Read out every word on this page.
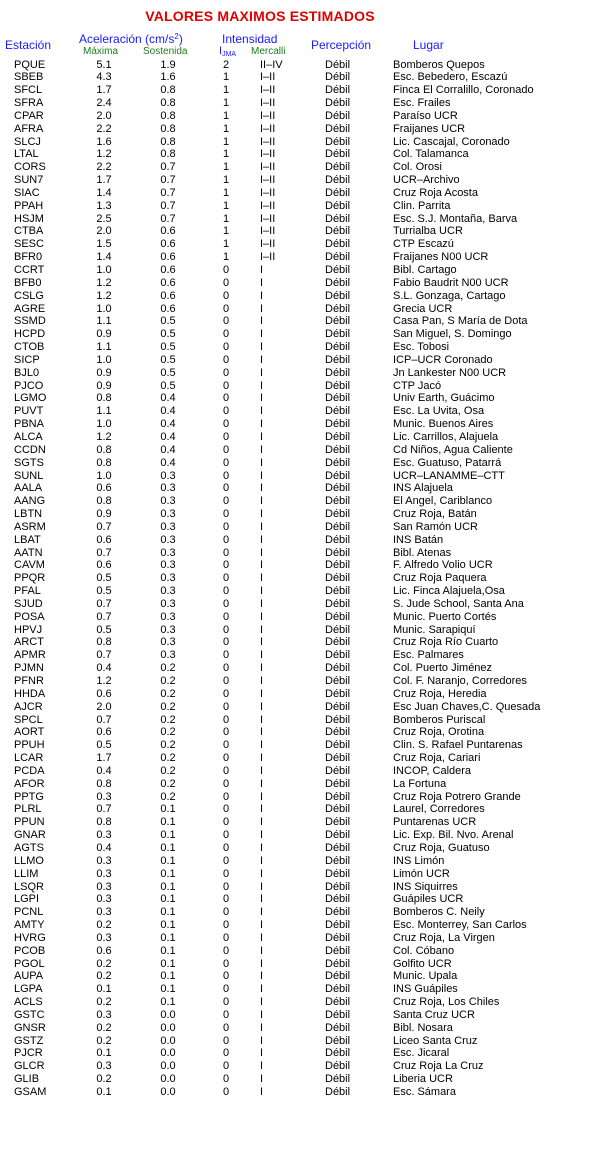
VALORES MAXIMOS ESTIMADOS
Estación Aceleración $(cm/s^2)$
Máxima Sostenida
Intensidad
$I_{JMA}$ Mercalli Percepción	Lugar
PQUE	5.1	1.9	2	II–IV	Débil	Bomberos Quepos
SBEB	4.3	1.6	1	I–II	Débil	Esc. Bebedero, Escazú
SFCL	1.7	0.8	1	I–II	Débil	Finca El Corralillo, Coronado
SFRA	2.4	0.8	1	I–II	Débil	Esc. Frailes
CPAR	2.0	0.8	1	I–II	Débil	Paraíso UCR
AFRA	2.2	0.8	1	I–II	Débil	Fraijanes UCR
SLCJ	1.6	0.8	1	I–II	Débil	Lic. Cascajal, Coronado
LTAL	1.2	0.8	1	I–II	Débil	Col. Talamanca
CORS	2.2	0.7	1	I–II	Débil	Col. Orosi
SUN7	1.7	0.7	1	I–II	Débil	UCR–Archivo
SIAC	1.4	0.7	1	I–II	Débil	Cruz Roja Acosta
PPAH	1.3	0.7	1	I–II	Débil	Clin. Parrita
HSJM	2.5	0.7	1	I–II	Débil	Esc. S.J. Montaña, Barva
CTBA	2.0	0.6	1	I–II	Débil	Turrialba UCR
SESC	1.5	0.6	1	I–II	Débil	CTP Escazú
BFR0	1.4	0.6	1	I–II	Débil	Fraijanes N00 UCR
CCRT	1.0	0.6	0	I	Débil	Bibl. Cartago
BFB0	1.2	0.6	0	I	Débil	Fabio Baudrit N00 UCR
CSLG	1.2	0.6	0	I	Débil	S.L. Gonzaga, Cartago
AGRE	1.0	0.6	0	I	Débil	Grecia UCR
SSMD	1.1	0.5	0	I	Débil	Casa Pan, S María de Dota
HCPD	0.9	0.5	0	I	Débil	San Miguel, S. Domingo
CTOB	1.1	0.5	0	I	Débil	Esc. Tobosi
SICP	1.0	0.5	0	I	Débil	ICP–UCR Coronado
BJL0	0.9	0.5	0	I	Débil	Jn Lankester N00 UCR
PJCO	0.9	0.5	0	I	Débil	CTP Jacó
LGMO	0.8	0.4	0	I	Débil	Univ Earth, Guácimo
PUVT	1.1	0.4	0	I	Débil	Esc. La Uvita, Osa
PBNA	1.0	0.4	0	I	Débil	Munic. Buenos Aires
ALCA	1.2	0.4	0	I	Débil	Lic. Carrillos, Alajuela
CCDN	0.8	0.4	0	I	Débil	Cd Niños, Agua Caliente
SGTS	0.8	0.4	0	I	Débil	Esc. Guatuso, Patarrá
SUNL	1.0	0.3	0	I	Débil	UCR–LANAMME–CTT
AALA	0.6	0.3	0	I	Débil	INS Alajuela
AANG	0.8	0.3	0	I	Débil	El Angel, Cariblanco
LBTN	0.9	0.3	0	I	Débil	Cruz Roja, Batán
ASRM	0.7	0.3	0	I	Débil	San Ramón UCR
LBAT	0.6	0.3	0	I	Débil	INS Batán
AATN	0.7	0.3	0	I	Débil	Bibl. Atenas
CAVM	0.6	0.3	0	I	Débil	F. Alfredo Volio UCR
PPQR	0.5	0.3	0	I	Débil	Cruz Roja Paquera
PFAL	0.5	0.3	0	I	Débil	Lic. Finca Alajuela,Osa
SJUD	0.7	0.3	0	I	Débil	S. Jude School, Santa Ana
POSA	0.7	0.3	0	I	Débil	Munic. Puerto Cortés
HPVJ	0.5	0.3	0	I	Débil	Munic. Sarapiquí
ARCT	0.8	0.3	0	I	Débil	Cruz Roja Río Cuarto
APMR	0.7	0.3	0	I	Débil	Esc. Palmares
PJMN	0.4	0.2	0	I	Débil	Col. Puerto Jiménez
PFNR	1.2	0.2	0	I	Débil	Col. F. Naranjo, Corredores
HHDA	0.6	0.2	0	I	Débil	Cruz Roja, Heredia
AJCR	2.0	0.2	0	I	Débil	Esc Juan Chaves,C. Quesada
SPCL	0.7	0.2	0	I	Débil	Bomberos Puriscal
AORT	0.6	0.2	0	I	Débil	Cruz Roja, Orotina
PPUH	0.5	0.2	0	I	Débil	Clin. S. Rafael Puntarenas
LCAR	1.7	0.2	0	I	Débil	Cruz Roja, Cariari
PCDA	0.4	0.2	0	I	Débil	INCOP, Caldera
AFOR	0.8	0.2	0	I	Débil	La Fortuna
PPTG	0.3	0.2	0	I	Débil	Cruz Roja Potrero Grande
PLRL	0.7	0.1	0	I	Débil	Laurel, Corredores
PPUN	0.8	0.1	0	I	Débil	Puntarenas UCR
GNAR	0.3	0.1	0	I	Débil	Lic. Exp. Bil. Nvo. Arenal
AGTS	0.4	0.1	0	I	Débil	Cruz Roja, Guatuso
LLMO	0.3	0.1	0	I	Débil	INS Limón
LLIM	0.3	0.1	0	I	Débil	Limón UCR
LSQR	0.3	0.1	0	I	Débil	INS Siquirres
LGPI	0.3	0.1	0	I	Débil	Guápiles UCR
PCNL	0.3	0.1	0	I	Débil	Bomberos C. Neily
AMTY	0.2	0.1	0	I	Débil	Esc. Monterrey, San Carlos
HVRG	0.3	0.1	0	I	Débil	Cruz Roja, La Virgen
PCOB	0.6	0.1	0	I	Débil	Col. Cóbano
PGOL	0.2	0.1	0	I	Débil	Golfito UCR
AUPA	0.2	0.1	0	I	Débil	Munic. Upala
LGPA	0.1	0.1	0	I	Débil	INS Guápiles
ACLS	0.2	0.1	0	I	Débil	Cruz Roja, Los Chiles
GSTC	0.3	0.0	0	I	Débil	Santa Cruz UCR
GNSR	0.2	0.0	0	I	Débil	Bibl. Nosara
GSTZ	0.2	0.0	0	I	Débil	Liceo Santa Cruz
PJCR	0.1	0.0	0	I	Débil	Esc. Jicaral
GLCR	0.3	0.0	0	I	Débil	Cruz Roja La Cruz
GLIB	0.2	0.0	0	I	Débil	Liberia UCR
GSAM	0.1	0.0	0	I	Débil	Esc. Sámara
